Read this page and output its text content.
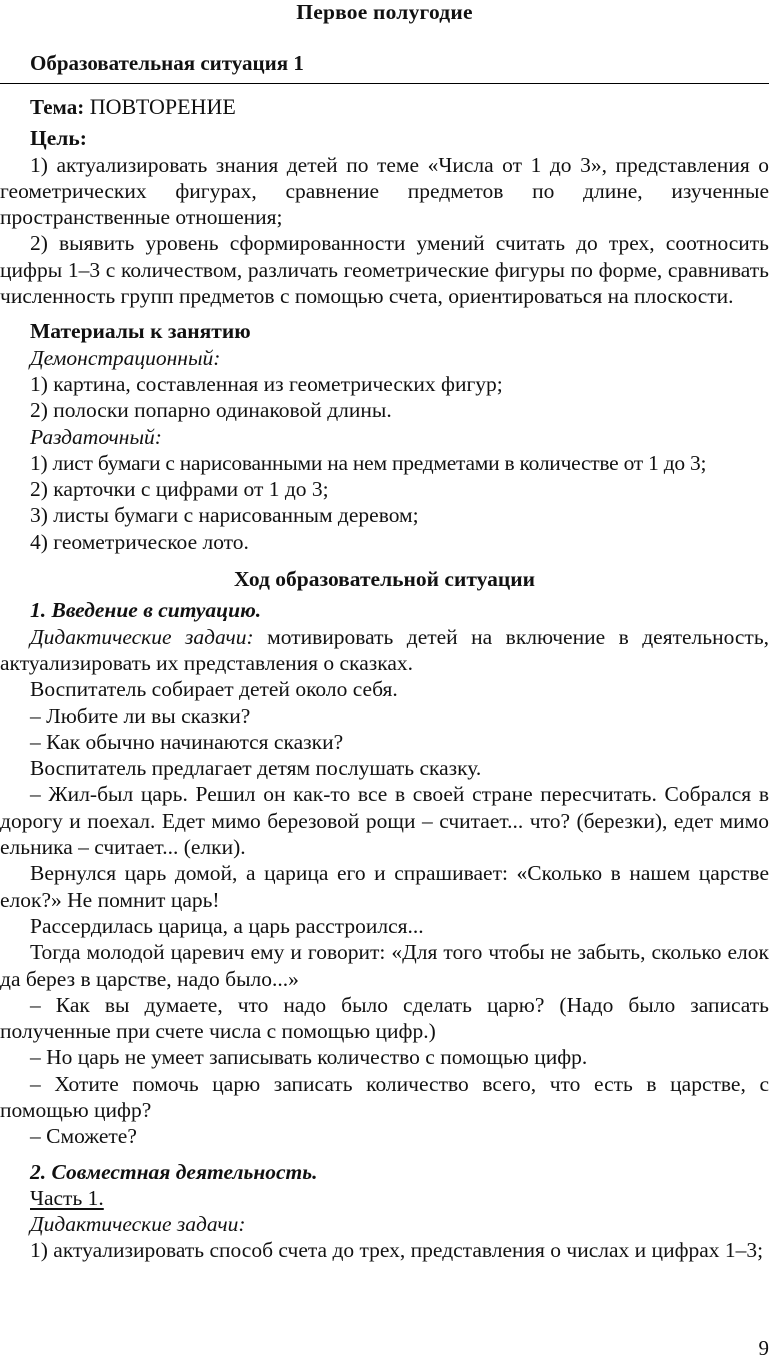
Первое полугодие
Образовательная ситуация 1

Тема: ПОВТОРЕНИЕ

Цель:

1) актуализировать знания детей по теме «Числа от 1 до 3», представления о геометрических фигурах, сравнение предметов по длине, изученные пространственные отношения;

2) выявить уровень сформированности умений считать до трех, соотносить цифры 1–3 с количеством, различать геометрические фигуры по форме, сравнивать численность групп предметов с помощью счета, ориентироваться на плоскости.

Материалы к занятию

Демонстрационный:

1) картина, составленная из геометрических фигур;

2) полоски попарно одинаковой длины.

Раздаточный:

1) лист бумаги с нарисованными на нем предметами в количестве от 1 до 3;

2) карточки с цифрами от 1 до 3;

3) листы бумаги с нарисованным деревом;

4) геометрическое лото.

Ход образовательной ситуации

1. Введение в ситуацию.

Дидактические задачи: мотивировать детей на включение в деятельность, актуализировать их представления о сказках.

Воспитатель собирает детей около себя.

– Любите ли вы сказки?

– Как обычно начинаются сказки?

Воспитатель предлагает детям послушать сказку.

– Жил-был царь. Решил он как-то все в своей стране пересчитать. Собрался в дорогу и поехал. Едет мимо березовой рощи – считает... что? (березки), едет мимо ельника – считает... (елки).

Вернулся царь домой, а царица его и спрашивает: «Сколько в нашем царстве елок?» Не помнит царь!

Рассердилась царица, а царь расстроился...

Тогда молодой царевич ему и говорит: «Для того чтобы не забыть, сколько елок да берез в царстве, надо было...»

– Как вы думаете, что надо было сделать царю? (Надо было записать полученные при счете числа с помощью цифр.)

– Но царь не умеет записывать количество с помощью цифр.

– Хотите помочь царю записать количество всего, что есть в царстве, с помощью цифр?

– Сможете?

2. Совместная деятельность.

Часть 1.

Дидактические задачи:

1) актуализировать способ счета до трех, представления о числах и цифрах 1–3;

9
